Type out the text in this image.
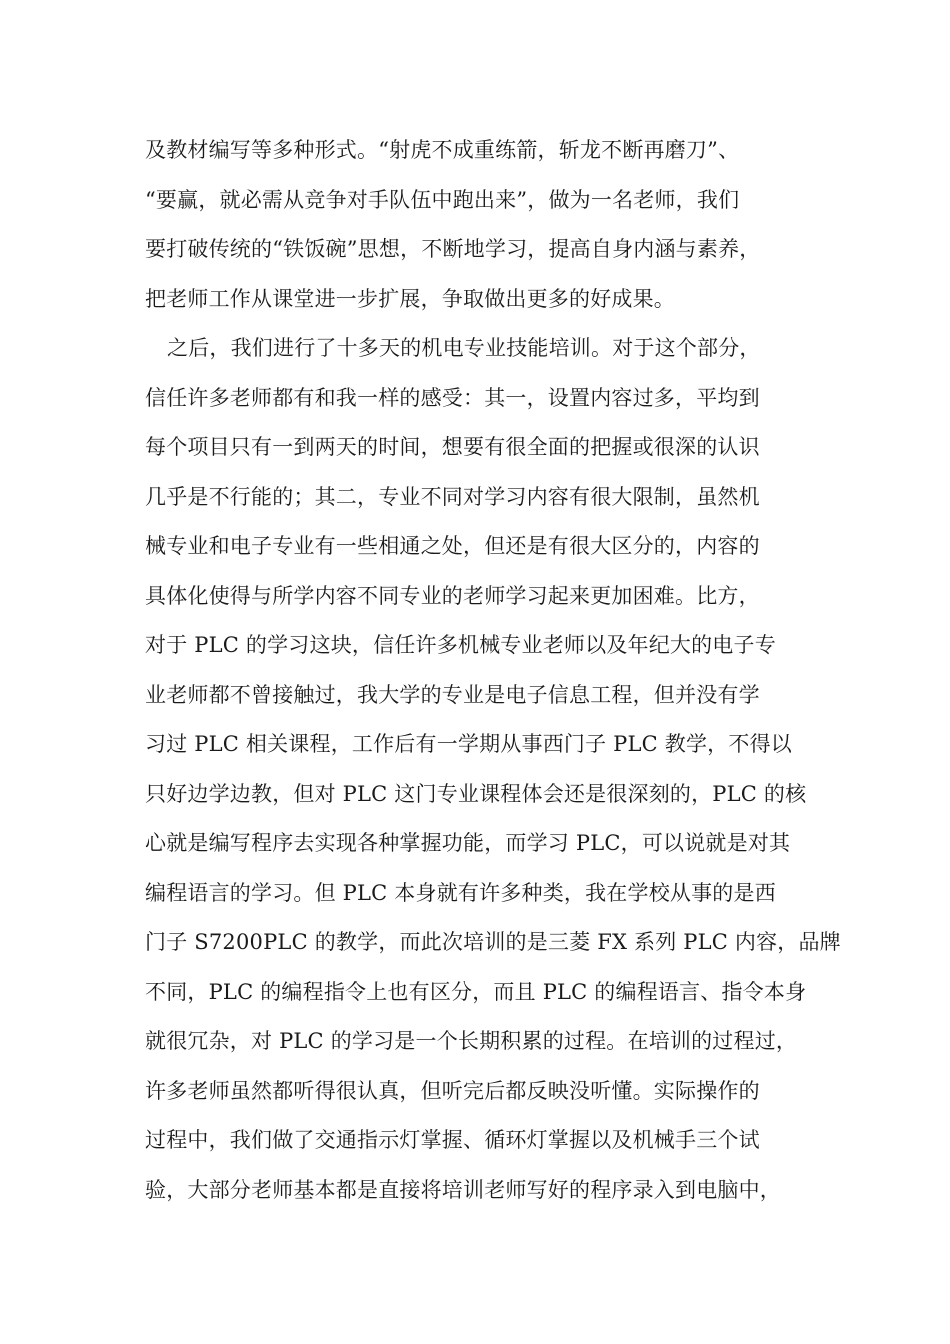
及教材编写等多种形式。“射虎不成重练箭，斩龙不断再磨刀”、
“要赢，就必需从竞争对手队伍中跑出来”，做为一名老师，我们
要打破传统的“铁饭碗”思想，不断地学习，提高自身内涵与素养，
把老师工作从课堂进一步扩展，争取做出更多的好成果。
之后，我们进行了十多天的机电专业技能培训。对于这个部分，
信任许多老师都有和我一样的感受：其一，设置内容过多，平均到
每个项目只有一到两天的时间，想要有很全面的把握或很深的认识
几乎是不行能的；其二，专业不同对学习内容有很大限制，虽然机
械专业和电子专业有一些相通之处，但还是有很大区分的，内容的
具体化使得与所学内容不同专业的老师学习起来更加困难。比方，
对于 PLC 的学习这块，信任许多机械专业老师以及年纪大的电子专
业老师都不曾接触过，我大学的专业是电子信息工程，但并没有学
习过 PLC 相关课程，工作后有一学期从事西门子 PLC 教学，不得以
只好边学边教，但对 PLC 这门专业课程体会还是很深刻的，PLC 的核
心就是编写程序去实现各种掌握功能，而学习 PLC，可以说就是对其
编程语言的学习。但 PLC 本身就有许多种类，我在学校从事的是西
门子 S7200PLC 的教学，而此次培训的是三菱 FX 系列 PLC 内容，品牌
不同，PLC 的编程指令上也有区分，而且 PLC 的编程语言、指令本身
就很冗杂，对 PLC 的学习是一个长期积累的过程。在培训的过程过，
许多老师虽然都听得很认真，但听完后都反映没听懂。实际操作的
过程中，我们做了交通指示灯掌握、循环灯掌握以及机械手三个试
验，大部分老师基本都是直接将培训老师写好的程序录入到电脑中，
